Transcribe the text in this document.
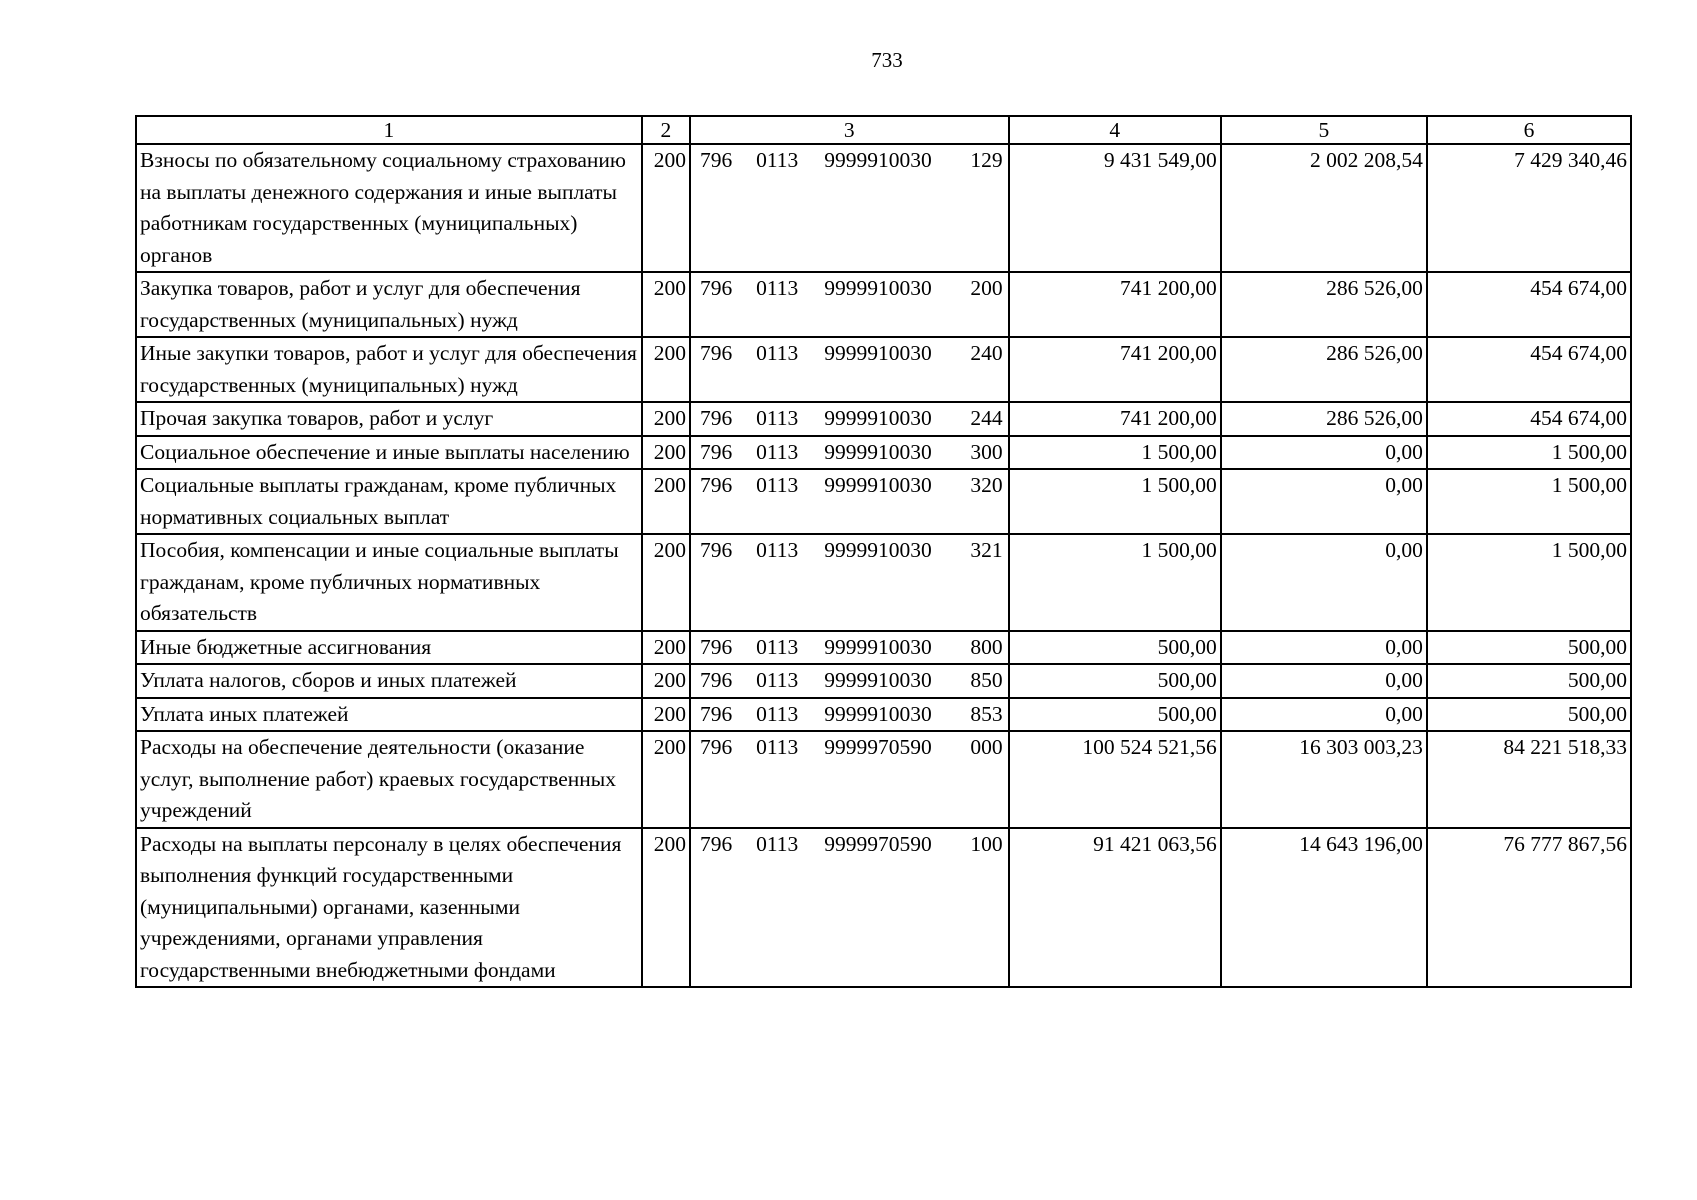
733
1	2	3	4	5	6
Взносы по обязательному социальному страхованию на выплаты денежного содержания и иные выплаты работникам государственных (муниципальных) органов	200	796 0113 9999910030 129	9 431 549,00	2 002 208,54	7 429 340,46
Закупка товаров, работ и услуг для обеспечения государственных (муниципальных) нужд	200	796 0113 9999910030 200	741 200,00	286 526,00	454 674,00
Иные закупки товаров, работ и услуг для обеспечения государственных (муниципальных) нужд	200	796 0113 9999910030 240	741 200,00	286 526,00	454 674,00
Прочая закупка товаров, работ и услуг	200	796 0113 9999910030 244	741 200,00	286 526,00	454 674,00
Социальное обеспечение и иные выплаты населению	200	796 0113 9999910030 300	1 500,00	0,00	1 500,00
Социальные выплаты гражданам, кроме публичных нормативных социальных выплат	200	796 0113 9999910030 320	1 500,00	0,00	1 500,00
Пособия, компенсации и иные социальные выплаты гражданам, кроме публичных нормативных обязательств	200	796 0113 9999910030 321	1 500,00	0,00	1 500,00
Иные бюджетные ассигнования	200	796 0113 9999910030 800	500,00	0,00	500,00
Уплата налогов, сборов и иных платежей	200	796 0113 9999910030 850	500,00	0,00	500,00
Уплата иных платежей	200	796 0113 9999910030 853	500,00	0,00	500,00
Расходы на обеспечение деятельности (оказание услуг, выполнение работ) краевых государственных учреждений	200	796 0113 9999970590 000	100 524 521,56	16 303 003,23	84 221 518,33
Расходы на выплаты персоналу в целях обеспечения выполнения функций государственными (муниципальными) органами, казенными учреждениями, органами управления государственными внебюджетными фондами	200	796 0113 9999970590 100	91 421 063,56	14 643 196,00	76 777 867,56
